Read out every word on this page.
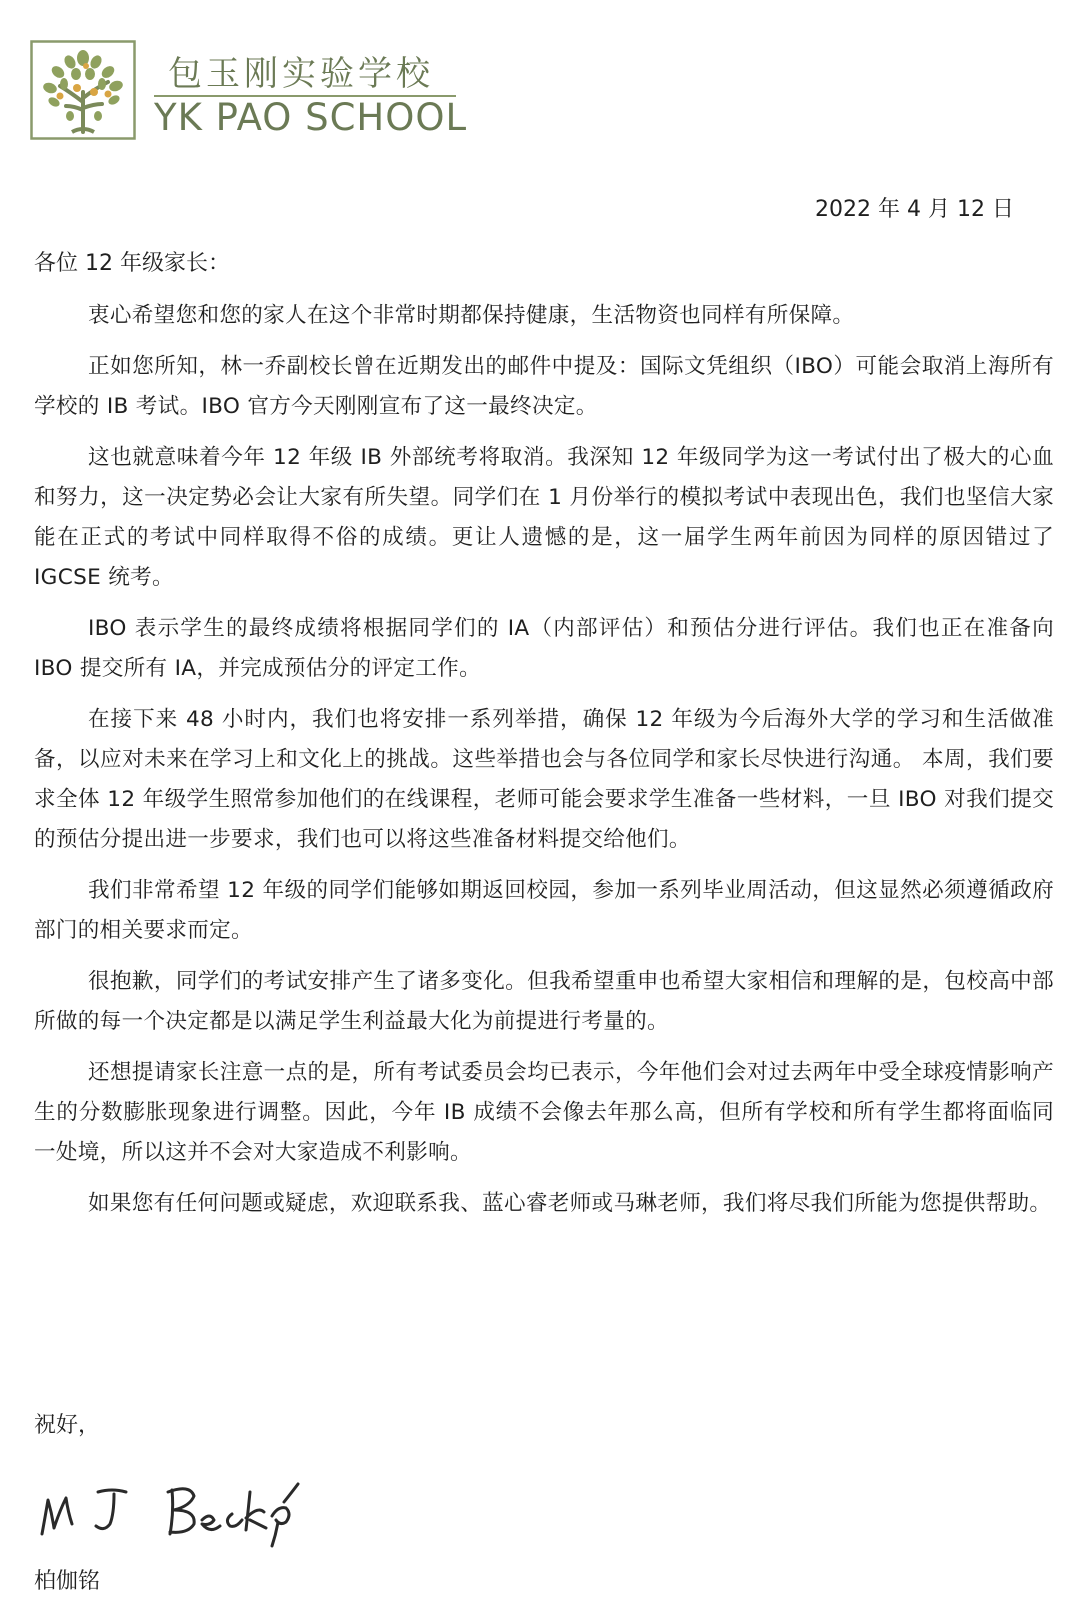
包玉刚实验学校
YK PAO SCHOOL
2022 年 4 月 12 日
各位 12 年级家长：

衷心希望您和您的家人在这个非常时期都保持健康，生活物资也同样有所保障。

正如您所知，林一乔副校长曾在近期发出的邮件中提及：国际文凭组织（IBO）可能会取消上海所有学校的 IB 考试。IBO 官方今天刚刚宣布了这一最终决定。

这也就意味着今年 12 年级 IB 外部统考将取消。我深知 12 年级同学为这一考试付出了极大的心血和努力，这一决定势必会让大家有所失望。同学们在 1 月份举行的模拟考试中表现出色，我们也坚信大家能在正式的考试中同样取得不俗的成绩。更让人遗憾的是，这一届学生两年前因为同样的原因错过了 IGCSE 统考。

IBO 表示学生的最终成绩将根据同学们的 IA（内部评估）和预估分进行评估。我们也正在准备向 IBO 提交所有 IA，并完成预估分的评定工作。

在接下来 48 小时内，我们也将安排一系列举措，确保 12 年级为今后海外大学的学习和生活做准备，以应对未来在学习上和文化上的挑战。这些举措也会与各位同学和家长尽快进行沟通。 本周，我们要求全体 12 年级学生照常参加他们的在线课程，老师可能会要求学生准备一些材料，一旦 IBO 对我们提交的预估分提出进一步要求，我们也可以将这些准备材料提交给他们。

我们非常希望 12 年级的同学们能够如期返回校园，参加一系列毕业周活动，但这显然必须遵循政府部门的相关要求而定。

很抱歉，同学们的考试安排产生了诸多变化。但我希望重申也希望大家相信和理解的是，包校高中部所做的每一个决定都是以满足学生利益最大化为前提进行考量的。

还想提请家长注意一点的是，所有考试委员会均已表示，今年他们会对过去两年中受全球疫情影响产生的分数膨胀现象进行调整。因此，今年 IB 成绩不会像去年那么高，但所有学校和所有学生都将面临同一处境，所以这并不会对大家造成不利影响。

如果您有任何问题或疑虑，欢迎联系我、蓝心睿老师或马琳老师，我们将尽我们所能为您提供帮助。

祝好，
柏伽铭
